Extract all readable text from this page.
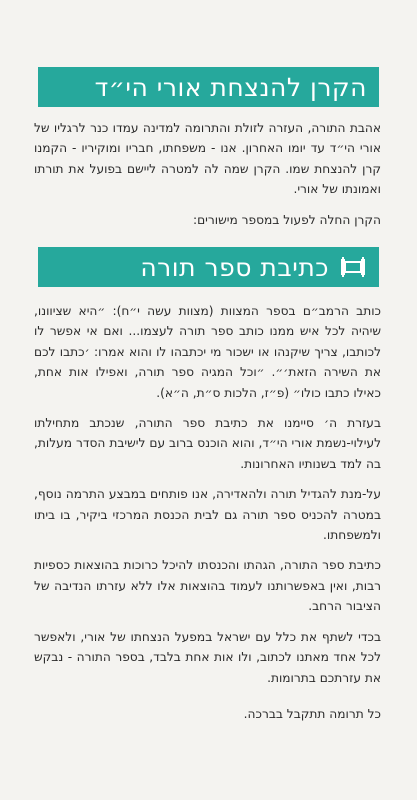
הקרן להנצחת אורי הי״ד

אהבת התורה, העזרה לזולת והתרומה למדינה עמדו כנר לרגליו של אורי הי״ד עד יומו האחרון. אנו - משפחתו, חבריו ומוקיריו - הקמנו קרן להנצחת שמו. הקרן שמה לה למטרה ליישם בפועל את תורתו ואמונתו של אורי.

הקרן החלה לפעול במספר מישורים:

כתיבת ספר תורה

כותב הרמב״ם בספר המצוות (מצוות עשה י״ח): ״היא שציוונו, שיהיה לכל איש ממנו כותב ספר תורה לעצמו... ואם אי אפשר לו לכותבו, צריך שיקנהו או ישכור מי יכתבהו לו והוא אמרו: ׳כתבו לכם את השירה הזאת׳״. ״וכל המגיה ספר תורה, ואפילו אות אחת, כאילו כתבו כולו״ (פ״ז, הלכות ס״ת, ה״א).

בעזרת ה׳ סיימנו את כתיבת ספר התורה, שנכתב מתחילתו לעילוי-נשמת אורי הי״ד, והוא הוכנס ברוב עם לישיבת הסדר מעלות, בה למד בשנותיו האחרונות.

על-מנת להגדיל תורה ולהאדירה, אנו פותחים במבצע התרמה נוסף, במטרה להכניס ספר תורה גם לבית הכנסת המרכזי ביקיר, בו ביתו ולמשפחתו.

כתיבת ספר התורה, הגהתו והכנסתו להיכל כרוכות בהוצאות כספיות רבות, ואין באפשרותנו לעמוד בהוצאות אלו ללא עזרתו הנדיבה של הציבור הרחב.

בכדי לשתף את כלל עם ישראל במפעל הנצחתו של אורי, ולאפשר לכל אחד מאתנו לכתוב, ולו אות אחת בלבד, בספר התורה - נבקש את עזרתכם בתרומות.

כל תרומה תתקבל בברכה.
